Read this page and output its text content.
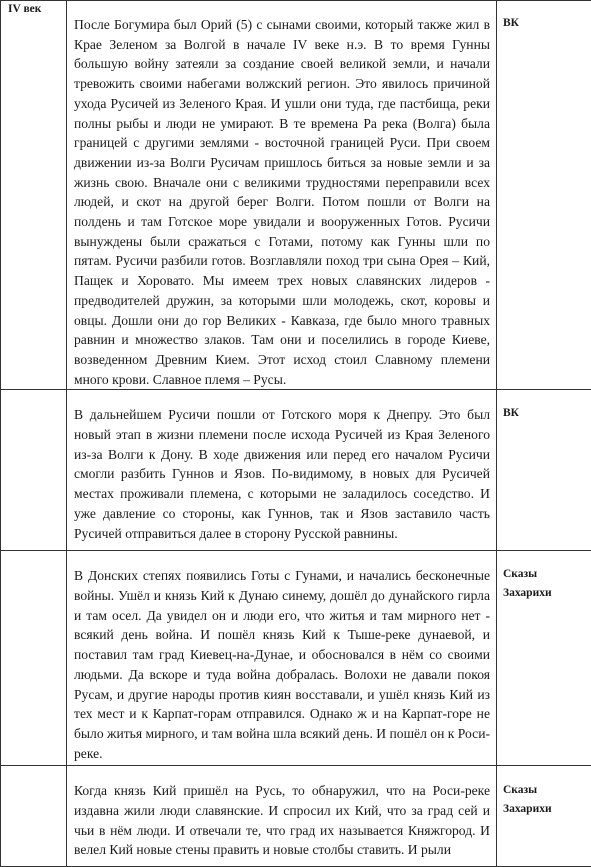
IV век	После Богумира был Орий (5) с сынами своими, который также жил в Крае Зеленом за Волгой в начале IV веке н.э. В то время Гунны большую войну затеяли за создание своей великой земли, и начали тревожить своими набегами волжский регион. Это явилось причиной ухода Русичей из Зеленого Края. И ушли они туда, где пастбища, реки полны рыбы и люди не умирают. В те времена Ра река (Волга) была границей с другими землями - восточной границей Руси. При своем движении из-за Волги Русичам пришлось биться за новые земли и за жизнь свою. Вначале они с великими трудностями переправили всех людей, и скот на другой берег Волги. Потом пошли от Волги на полдень и там Готское море увидали и вооруженных Готов. Русичи вынуждены были сражаться с Готами, потому как Гунны шли по пятам. Русичи разбили готов. Возглавляли поход три сына Орея – Кий, Пащек и Хоровато. Мы имеем трех новых славянских лидеров - предводителей дружин, за которыми шли молодежь, скот, коровы и овцы. Дошли они до гор Великих - Кавказа, где было много травных равнин и множество злаков. Там они и поселились в городе Киеве, возведенном Древним Кием. Этот исход стоил Славному племени много крови. Славное племя – Русы.	ВК

	В дальнейшем Русичи пошли от Готского моря к Днепру. Это был новый этап в жизни племени после исхода Русичей из Края Зеленого из-за Волги к Дону. В ходе движения или перед его началом Русичи смогли разбить Гуннов и Язов. По-видимому, в новых для Русичей местах проживали племена, с которыми не заладилось соседство. И уже давление со стороны, как Гуннов, так и Язов заставило часть Русичей отправиться далее в сторону Русской равнины.	ВК

	В Донских степях появились Готы с Гунами, и начались бесконечные войны. Ушёл и князь Кий к Дунаю синему, дошёл до дунайского гирла и там осел. Да увидел он и люди его, что житья и там мирного нет - всякий день война. И пошёл князь Кий к Тыше-реке дунаевой, и поставил там град Киевец-на-Дунае, и обосновался в нём со своими людьми. Да вскоре и туда война добралась. Волохи не давали покоя Русам, и другие народы против киян восставали, и ушёл князь Кий из тех мест и к Карпат-горам отправился. Однако ж и на Карпат-горе не было житья мирного, и там война шла всякий день. И пошёл он к Роси-реке.	Сказы Захарихи

	Когда князь Кий пришёл на Русь, то обнаружил, что на Роси-реке издавна жили люди славянские. И спросил их Кий, что за град сей и чьи в нём люди. И отвечали те, что град их называется Княжгород. И велел Кий новые стены править и новые столбы ставить. И рыли	Сказы Захарихи
